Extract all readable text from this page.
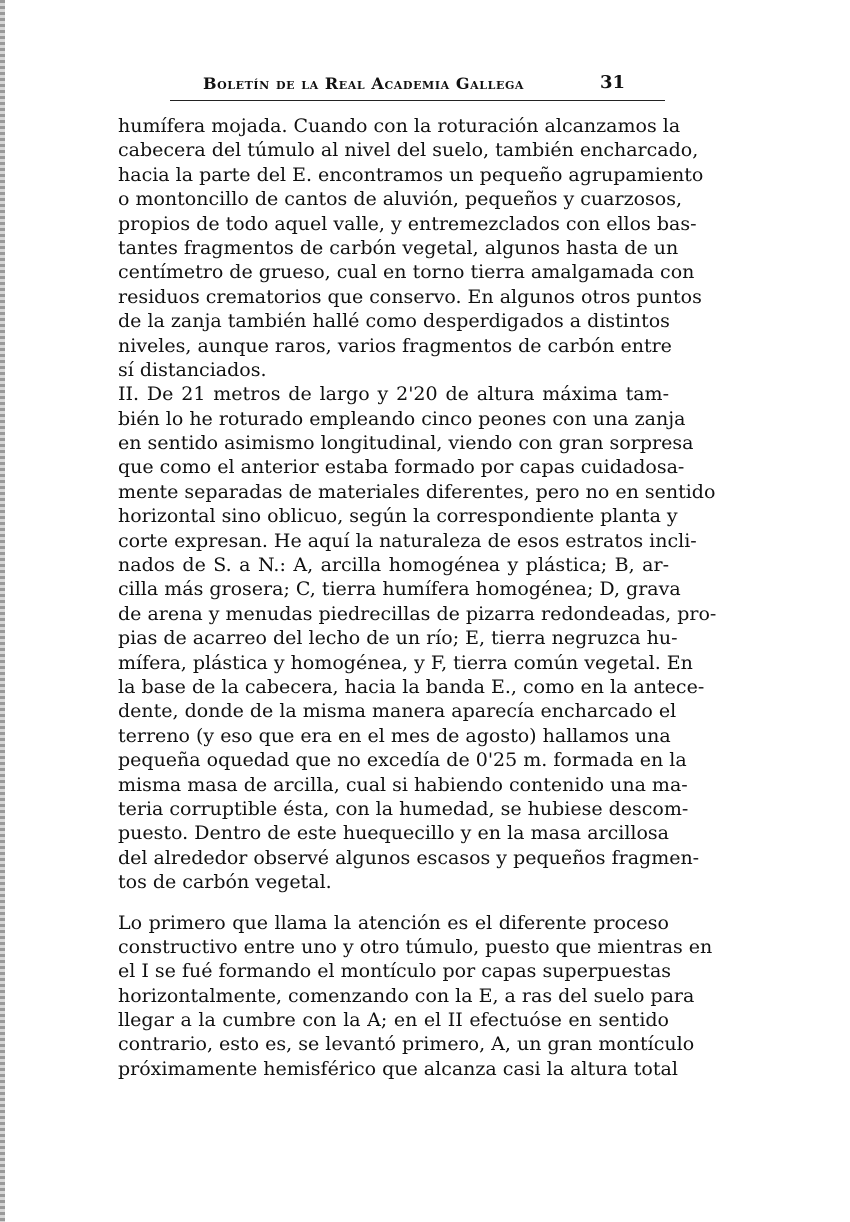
Boletín de la Real Academia Gallega	31
humífera mojada. Cuando con la roturación alcanzamos la
cabecera del túmulo al nivel del suelo, también encharcado,
hacia la parte del E. encontramos un pequeño agrupamiento
o montoncillo de cantos de aluvión, pequeños y cuarzosos,
propios de todo aquel valle, y entremezclados con ellos bas-
tantes fragmentos de carbón vegetal, algunos hasta de un
centímetro de grueso, cual en torno tierra amalgamada con
residuos crematorios que conservo. En algunos otros puntos
de la zanja también hallé como desperdigados a distintos
niveles, aunque raros, varios fragmentos de carbón entre
sí distanciados.
II. De 21 metros de largo y 2'20 de altura máxima tam-
bién lo he roturado empleando cinco peones con una zanja
en sentido asimismo longitudinal, viendo con gran sorpresa
que como el anterior estaba formado por capas cuidadosa-
mente separadas de materiales diferentes, pero no en sentido
horizontal sino oblicuo, según la correspondiente planta y
corte expresan. He aquí la naturaleza de esos estratos incli-
nados de S. a N.: A, arcilla homogénea y plástica; B, ar-
cilla más grosera; C, tierra humífera homogénea; D, grava
de arena y menudas piedrecillas de pizarra redondeadas, pro-
pias de acarreo del lecho de un río; E, tierra negruzca hu-
mífera, plástica y homogénea, y F, tierra común vegetal. En
la base de la cabecera, hacia la banda E., como en la antece-
dente, donde de la misma manera aparecía encharcado el
terreno (y eso que era en el mes de agosto) hallamos una
pequeña oquedad que no excedía de 0'25 m. formada en la
misma masa de arcilla, cual si habiendo contenido una ma-
teria corruptible ésta, con la humedad, se hubiese descom-
puesto. Dentro de este huequecillo y en la masa arcillosa
del alrededor observé algunos escasos y pequeños fragmen-
tos de carbón vegetal.
Lo primero que llama la atención es el diferente proceso
constructivo entre uno y otro túmulo, puesto que mientras en
el I se fué formando el montículo por capas superpuestas
horizontalmente, comenzando con la E, a ras del suelo para
llegar a la cumbre con la A; en el II efectuóse en sentido
contrario, esto es, se levantó primero, A, un gran montículo
próximamente hemisférico que alcanza casi la altura total
